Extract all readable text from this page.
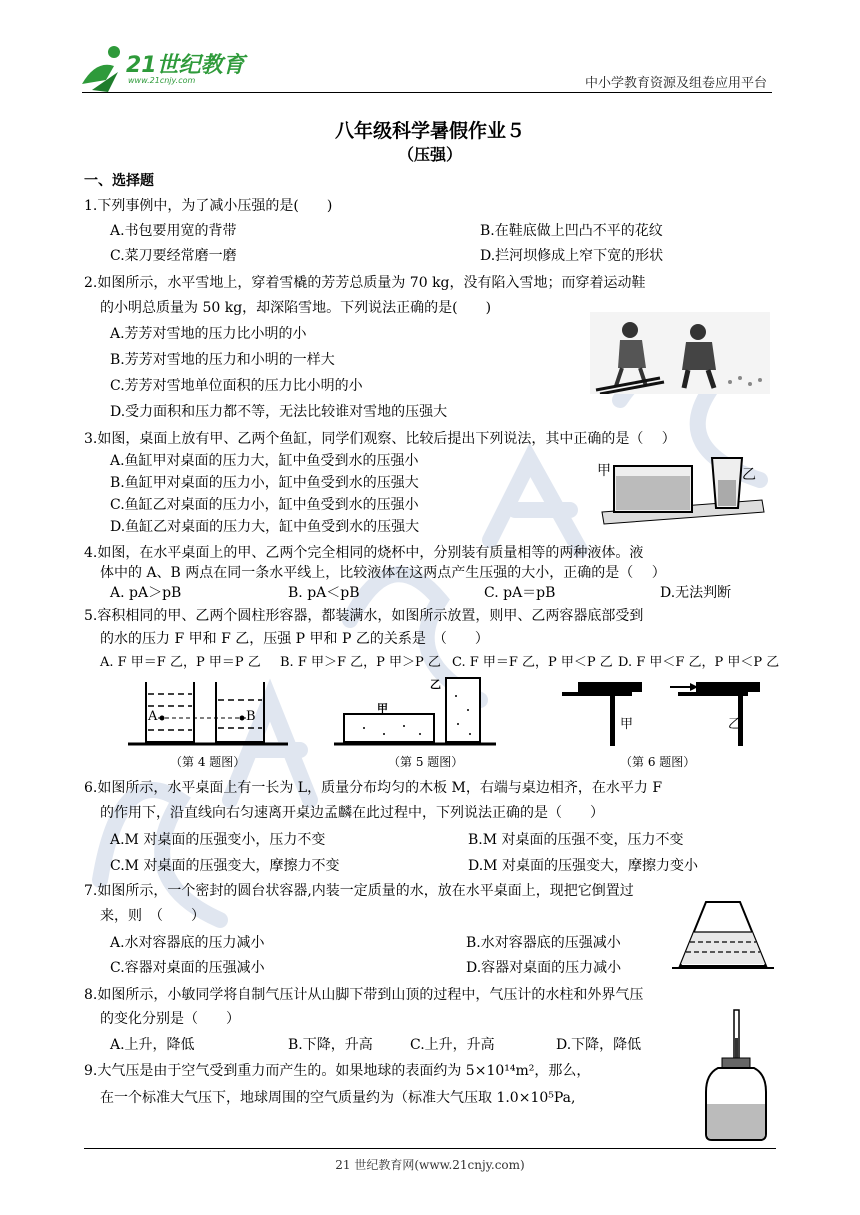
21世纪教育
www.21cnjy.com	中小学教育资源及组卷应用平台
八年级科学暑假作业５
（压强）
一、选择题
1.下列事例中，为了减小压强的是(　　)
A.书包要用宽的背带	B.在鞋底做上凹凸不平的花纹
C.菜刀要经常磨一磨	D.拦河坝修成上窄下宽的形状
2.如图所示，水平雪地上，穿着雪橇的芳芳总质量为 70 kg，没有陷入雪地；而穿着运动鞋
的小明总质量为 50 kg，却深陷雪地。下列说法正确的是(　　)
A.芳芳对雪地的压力比小明的小
B.芳芳对雪地的压力和小明的一样大
C.芳芳对雪地单位面积的压力比小明的小
D.受力面积和压力都不等，无法比较谁对雪地的压强大
3.如图，桌面上放有甲、乙两个鱼缸，同学们观察、比较后提出下列说法，其中正确的是（　 ）
A.鱼缸甲对桌面的压力大，缸中鱼受到水的压强小
B.鱼缸甲对桌面的压力小，缸中鱼受到水的压强大
C.鱼缸乙对桌面的压力小，缸中鱼受到水的压强小
D.鱼缸乙对桌面的压力大，缸中鱼受到水的压强大
甲	乙
4.如图，在水平桌面上的甲、乙两个完全相同的烧杯中，分别装有质量相等的两种液体。液
体中的 A、B 两点在同一条水平线上，比较液体在这两点产生压强的大小，正确的是（　 ）
A. pA＞pB	B. pA＜pB	C. pA＝pB	D.无法判断
5.容积相同的甲、乙两个圆柱形容器，都装满水，如图所示放置，则甲、乙两容器底部受到
的水的压力 F 甲和 F 乙，压强 P 甲和 P 乙的关系是　（　　）
A. F 甲＝F 乙，P 甲＝P 乙 B. F 甲＞F 乙，P 甲＞P 乙 C. F 甲＝F 乙，P 甲＜P 乙 D. F 甲＜F 乙，P 甲＜P 乙
A	B
甲
乙
甲	乙
（第 4 题图）	（第 5 题图）	（第 6 题图）
6.如图所示，水平桌面上有一长为 L，质量分布均匀的木板 M，右端与桌边相齐，在水平力 F
的作用下，沿直线向右匀速离开桌边孟麟在此过程中，下列说法正确的是（　　）
A.M 对桌面的压强变小，压力不变	B.M 对桌面的压强不变，压力不变
C.M 对桌面的压强变大，摩擦力不变	D.M 对桌面的压强变大，摩擦力变小
7.如图所示，一个密封的圆台状容器,内装一定质量的水，放在水平桌面上，现把它倒置过
来，则　（　　）
A.水对容器底的压力减小	B.水对容器底的压强减小
C.容器对桌面的压强减小	D.容器对桌面的压力减小
8.如图所示，小敏同学将自制气压计从山脚下带到山顶的过程中，气压计的水柱和外界气压
的变化分别是（　　）
A.上升，降低	B.下降，升高	C.上升，升高	D.下降，降低
9.大气压是由于空气受到重力而产生的。如果地球的表面约为 5×10¹⁴m²，那么，
在一个标准大气压下，地球周围的空气质量约为（标准大气压取 1.0×10⁵Pa,
21 世纪教育网(www.21cnjy.com)
